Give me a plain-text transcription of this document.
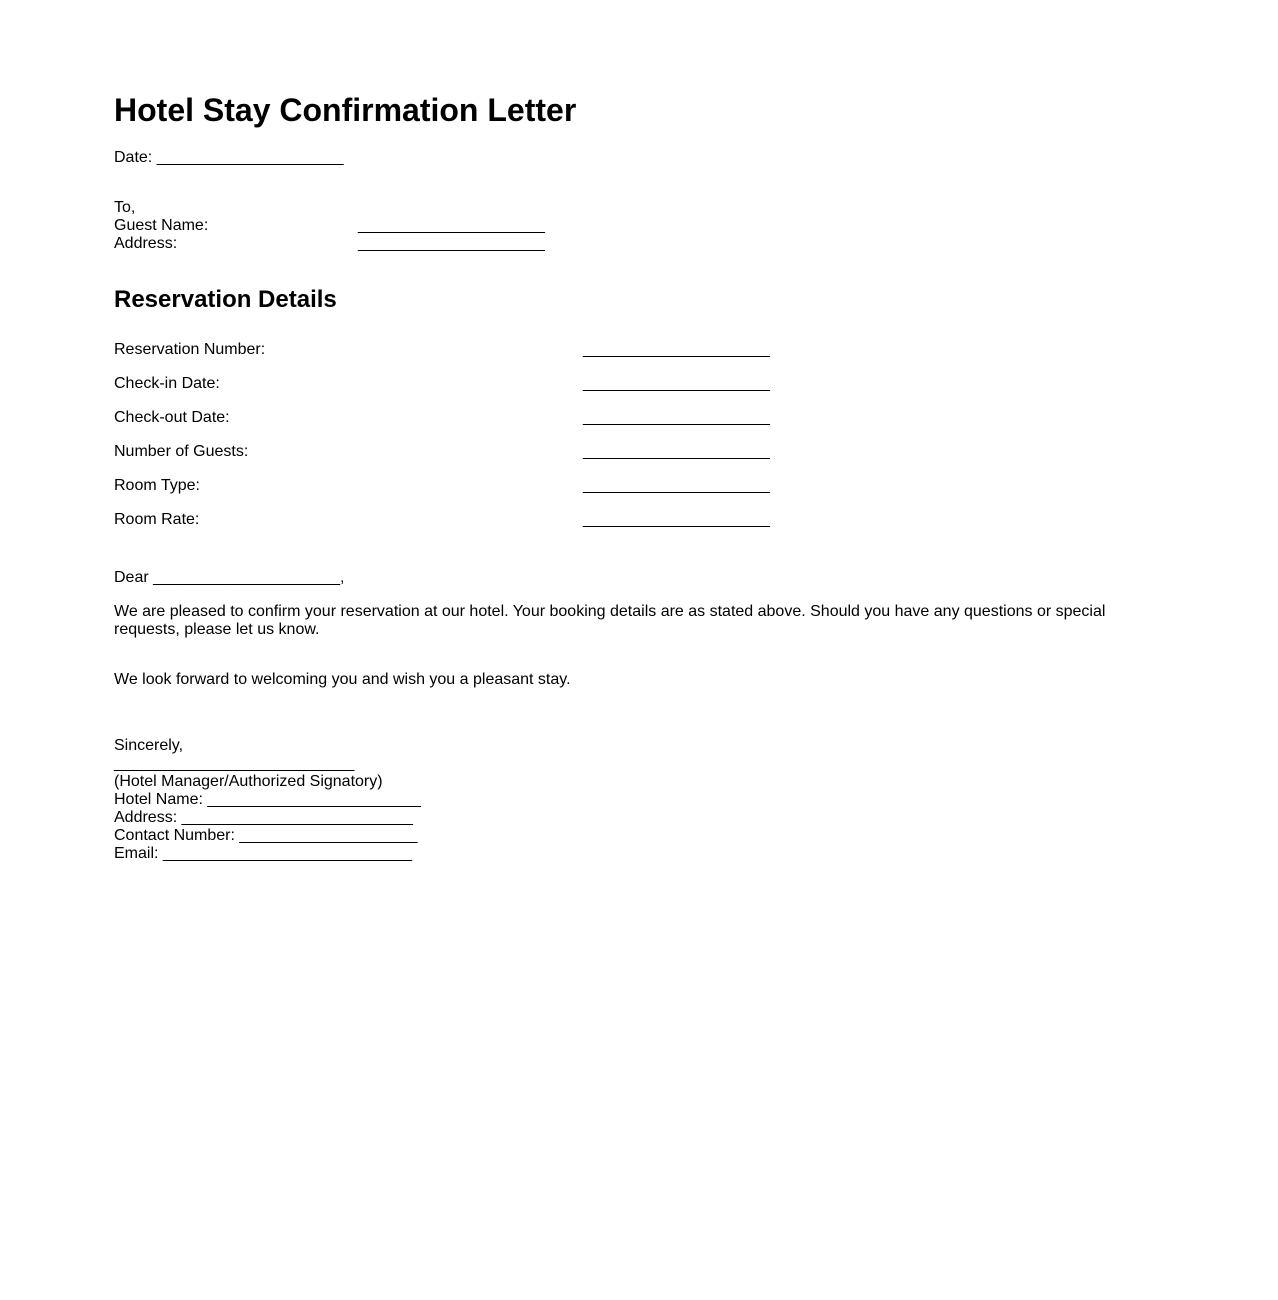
Hotel Stay Confirmation Letter
Date: _____________________
To,
Guest Name:	_____________________
Address:	_____________________
Reservation Details
Reservation Number:	_____________________
Check-in Date:	_____________________
Check-out Date:	_____________________
Number of Guests:	_____________________
Room Type:	_____________________
Room Rate:	_____________________
Dear _____________________,
We are pleased to confirm your reservation at our hotel. Your booking details are as stated above. Should you have any questions or special requests, please let us know.
We look forward to welcoming you and wish you a pleasant stay.
Sincerely,
___________________________
(Hotel Manager/Authorized Signatory)
Hotel Name: ________________________
Address: __________________________
Contact Number: ____________________
Email: ____________________________
